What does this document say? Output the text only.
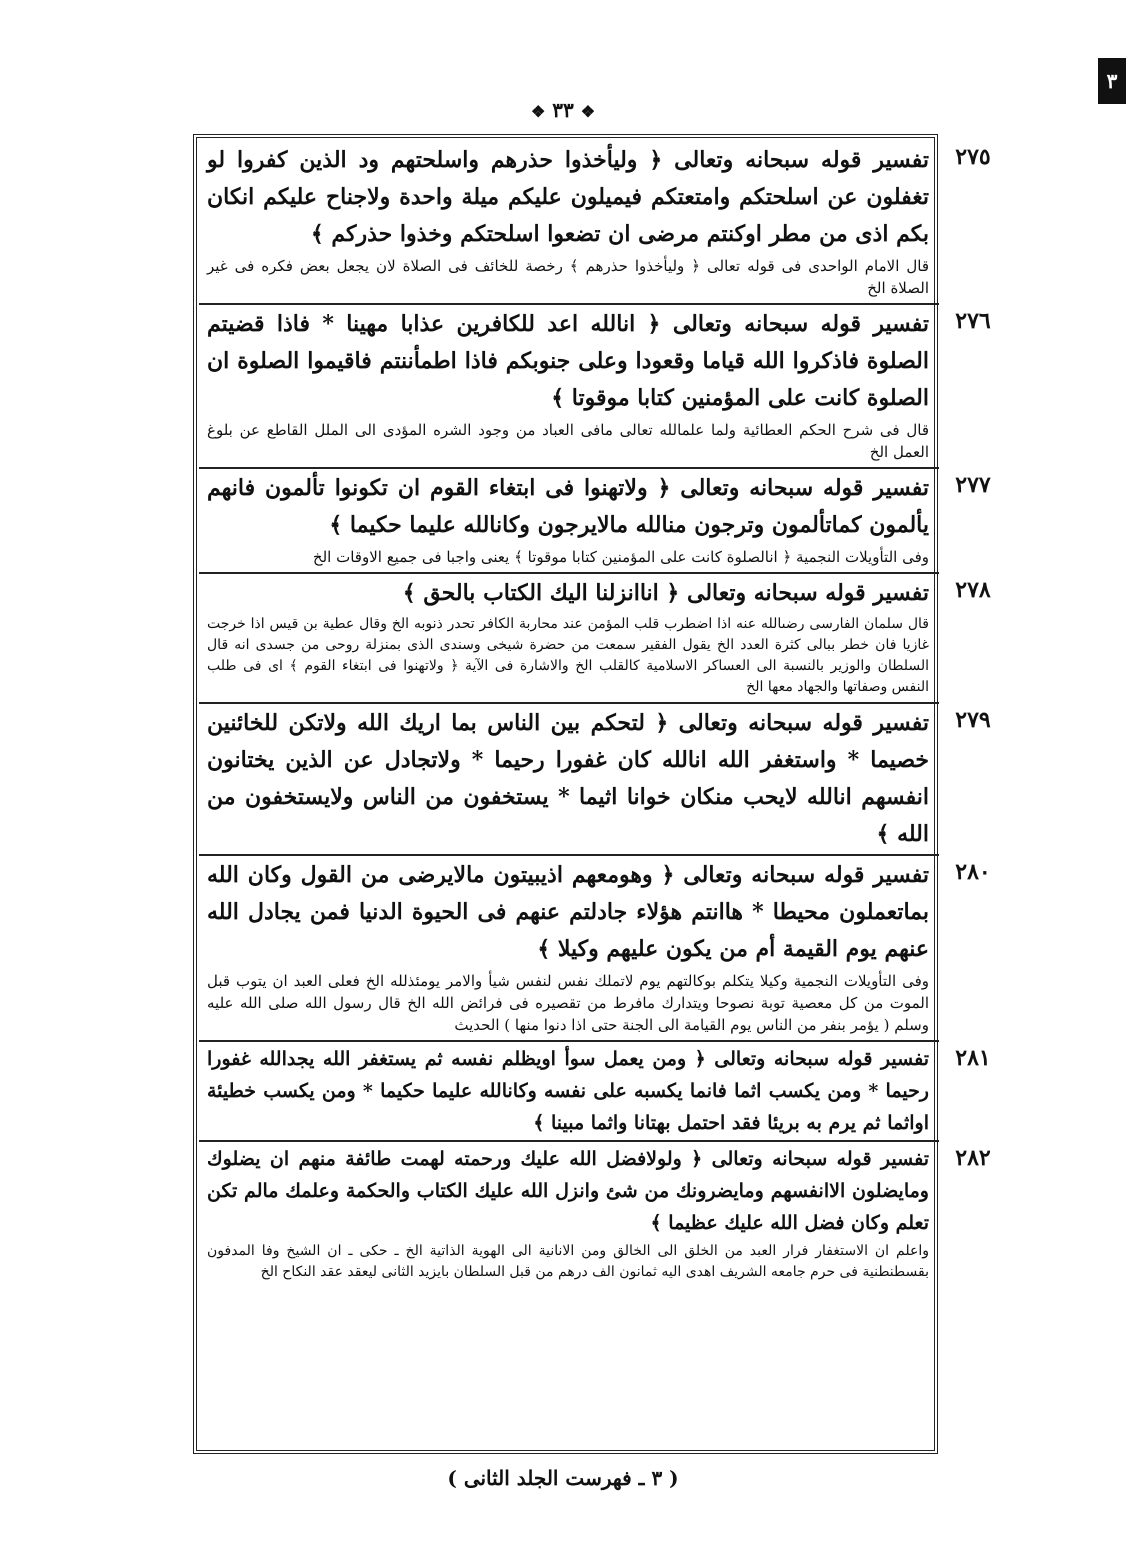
٣
❖ ٣٣ ❖
٢٧٥

تفسير قوله سبحانه وتعالى ﴿ وليأخذوا حذرهم واسلحتهم ود الذين كفروا لو تغفلون عن اسلحتكم وامتعتكم فيميلون عليكم ميلة واحدة ولاجناح عليكم انكان بكم اذى من مطر اوكنتم مرضى ان تضعوا اسلحتكم وخذوا حذركم ﴾

قال الامام الواحدى فى قوله تعالى ﴿ وليأخذوا حذرهم ﴾ رخصة للخائف فى الصلاة لان يجعل بعض فكره فى غير الصلاة الخ

٢٧٦

تفسير قوله سبحانه وتعالى ﴿ انالله اعد للكافرين عذابا مهينا * فاذا قضيتم الصلوة فاذكروا الله قياما وقعودا وعلى جنوبكم فاذا اطمأننتم فاقيموا الصلوة ان الصلوة كانت على المؤمنين كتابا موقوتا ﴾

قال فى شرح الحكم العطائية ولما علمالله تعالى مافى العباد من وجود الشره المؤدى الى الملل القاطع عن بلوغ العمل الخ

٢٧٧

تفسير قوله سبحانه وتعالى ﴿ ولاتهنوا فى ابتغاء القوم ان تكونوا تألمون فانهم يألمون كماتألمون وترجون منالله مالايرجون وكانالله عليما حكيما ﴾

وفى التأويلات النجمية ﴿ انالصلوة كانت على المؤمنين كتابا موقوتا ﴾ يعنى واجبا فى جميع الاوقات الخ

٢٧٨

تفسير قوله سبحانه وتعالى ﴿ اناانزلنا اليك الكتاب بالحق ﴾

قال سلمان الفارسى رضىالله عنه اذا اضطرب قلب المؤمن عند محاربة الكافر تحدر ذنوبه الخ وقال عطية بن قيس اذا خرجت غازيا فان خطر ببالى كثرة العدد الخ يقول الفقير سمعت من حضرة شيخى وسندى الذى بمنزلة روحى من جسدى انه قال السلطان والوزير بالنسبة الى العساكر الاسلامية كالقلب الخ والاشارة فى الآية ﴿ ولاتهنوا فى ابتغاء القوم ﴾ اى فى طلب النفس وصفاتها والجهاد معها الخ

٢٧٩

تفسير قوله سبحانه وتعالى ﴿ لتحكم بين الناس بما اريك الله ولاتكن للخائنين خصيما * واستغفر الله انالله كان غفورا رحيما * ولاتجادل عن الذين يختانون انفسهم انالله لايحب منكان خوانا اثيما * يستخفون من الناس ولايستخفون من الله ﴾

٢٨٠

تفسير قوله سبحانه وتعالى ﴿ وهومعهم اذيبيتون مالايرضى من القول وكان الله بماتعملون محيطا * هاانتم هؤلاء جادلتم عنهم فى الحيوة الدنيا فمن يجادل الله عنهم يوم القيمة أم من يكون عليهم وكيلا ﴾

وفى التأويلات النجمية وكيلا يتكلم بوكالتهم يوم لاتملك نفس لنفس شيأ والامر يومئذلله الخ فعلى العبد ان يتوب قبل الموت من كل معصية توبة نصوحا ويتدارك مافرط من تقصيره فى فرائض الله الخ قال رسول الله صلى الله عليه وسلم ( يؤمر بنفر من الناس يوم القيامة الى الجنة حتى اذا دنوا منها ) الحديث

٢٨١

تفسير قوله سبحانه وتعالى ﴿ ومن يعمل سوأ اويظلم نفسه ثم يستغفر الله يجدالله غفورا رحيما * ومن يكسب اثما فانما يكسبه على نفسه وكانالله عليما حكيما * ومن يكسب خطيئة اواثما ثم يرم به بريئا فقد احتمل بهتانا واثما مبينا ﴾

٢٨٢

تفسير قوله سبحانه وتعالى ﴿ ولولافضل الله عليك ورحمته لهمت طائفة منهم ان يضلوك ومايضلون الاانفسهم ومايضرونك من شئ وانزل الله عليك الكتاب والحكمة وعلمك مالم تكن تعلم وكان فضل الله عليك عظيما ﴾

واعلم ان الاستغفار فرار العبد من الخلق الى الخالق ومن الانانية الى الهوية الذاتية الخ ـ حكى ـ ان الشيخ وفا المدفون بقسطنطنية فى حرم جامعه الشريف اهدى اليه ثمانون الف درهم من قبل السلطان بايزيد الثانى ليعقد عقد النكاح الخ

( ٣ ـ فهرست الجلد الثانى )
